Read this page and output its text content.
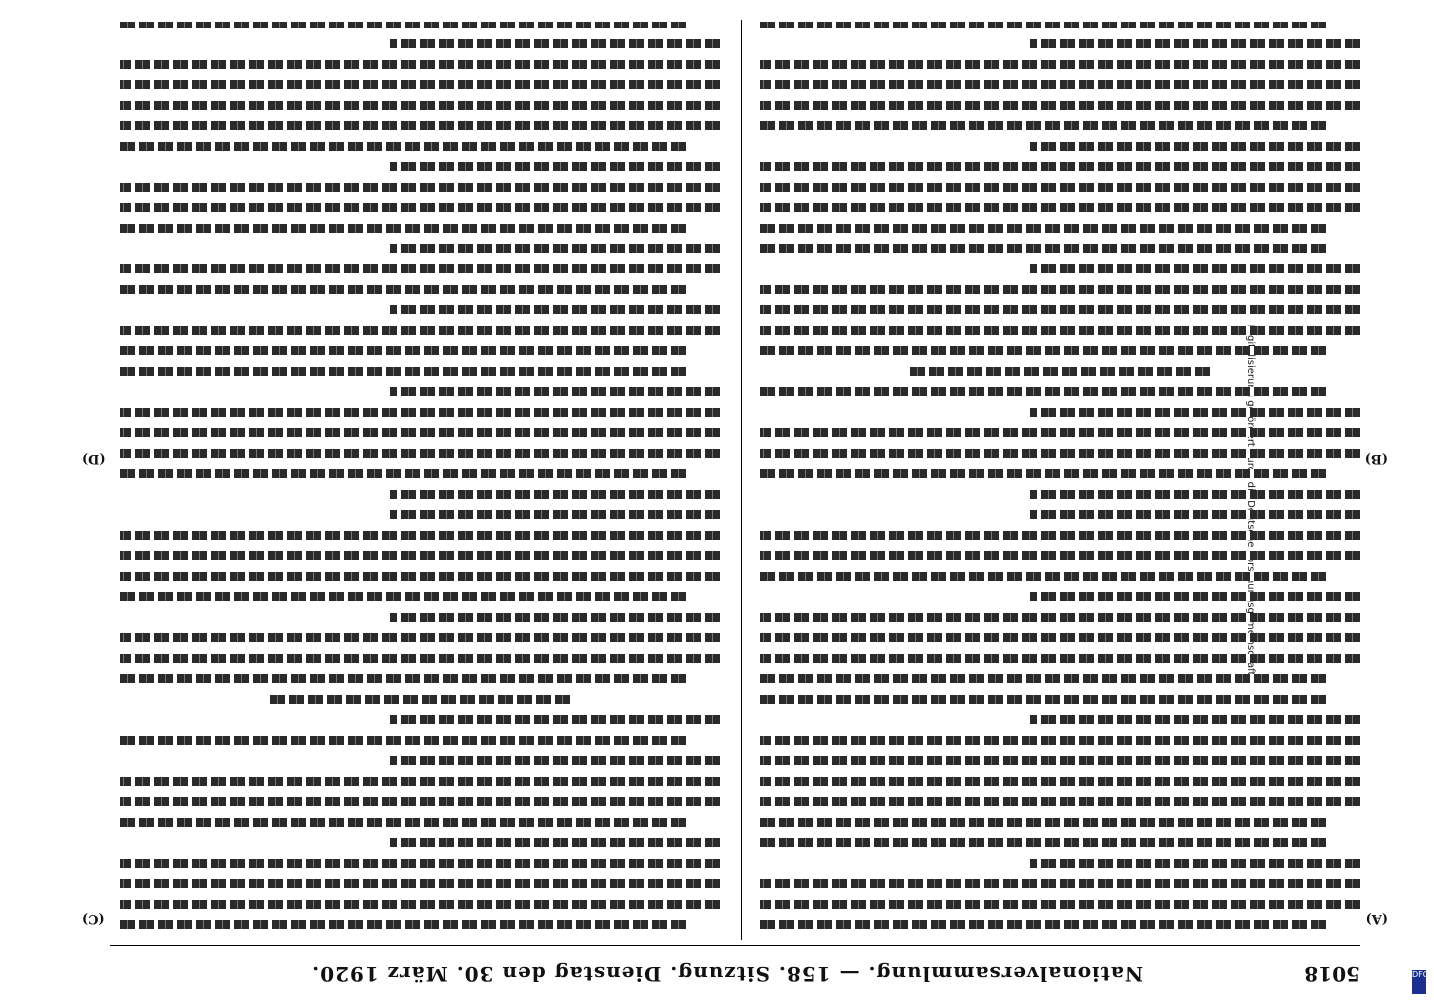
Digitalisierung gefördert durch die Deutsche Forschungsgemeinschaft
DFG
5018
Nationalversammlung. — 158. Sitzung. Dienstag den 30. März 1920.
(A)
(B)
(C)
(D)
